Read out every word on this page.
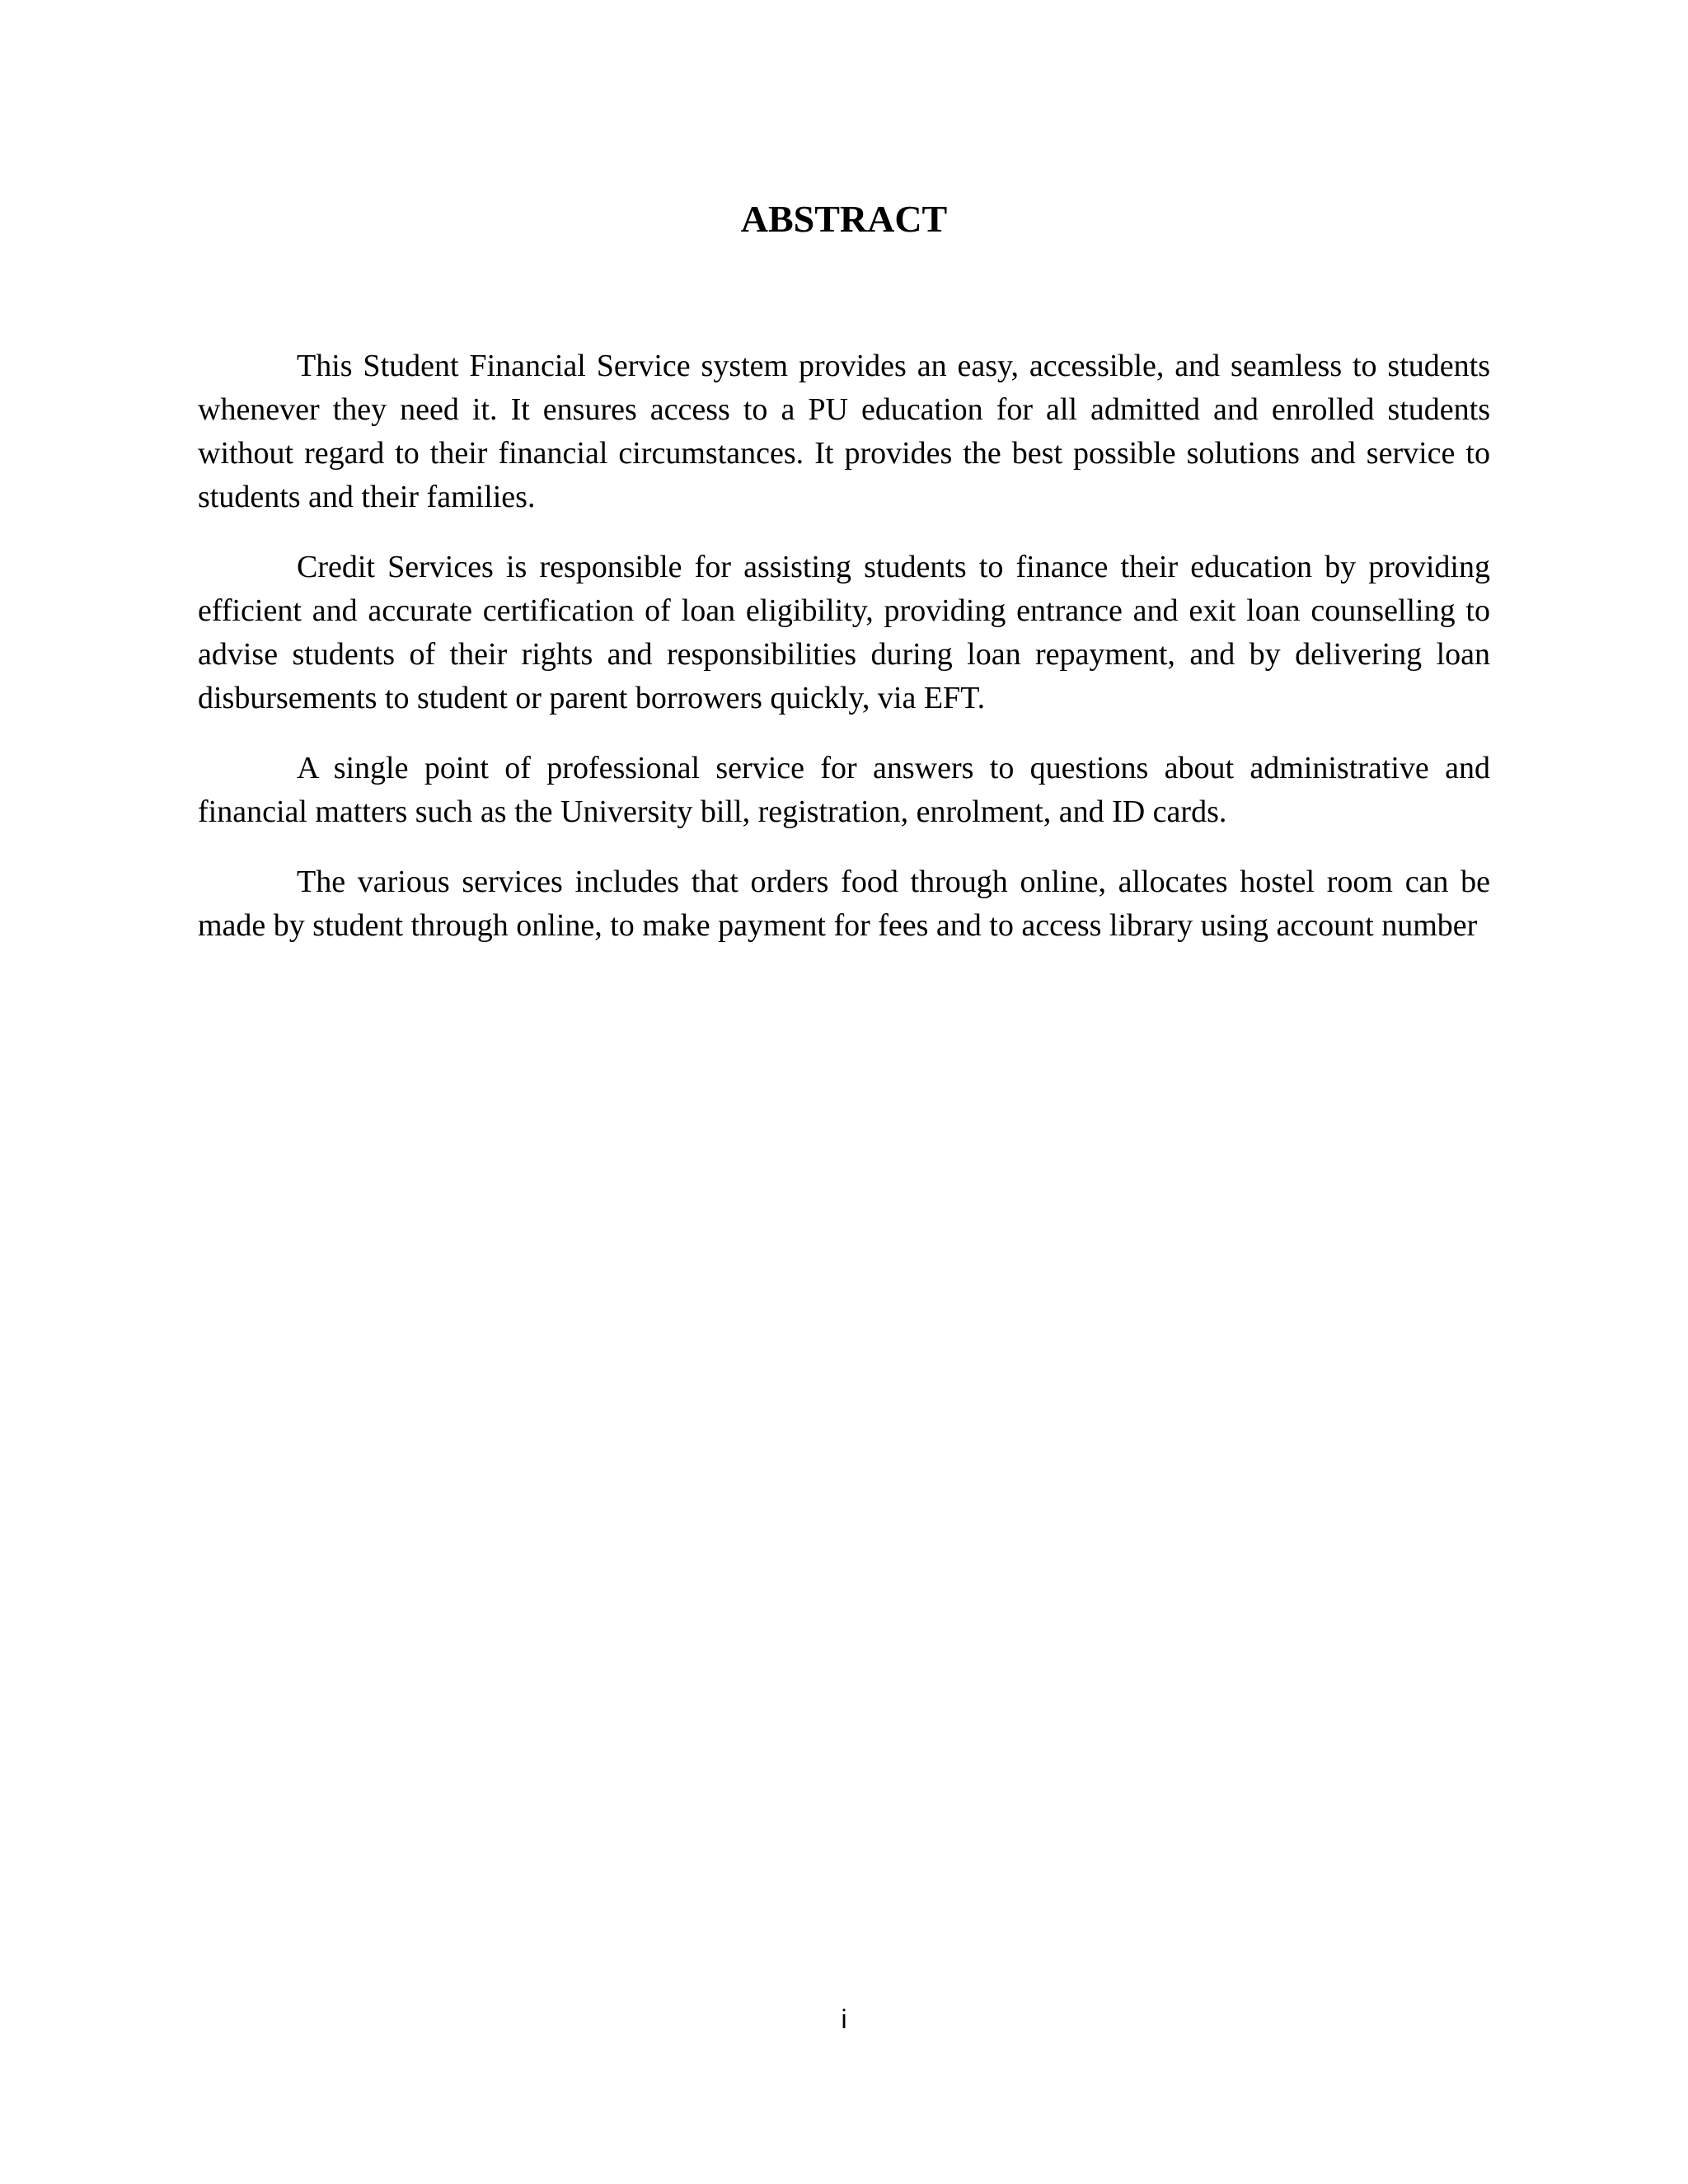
ABSTRACT

This Student Financial Service system provides an easy, accessible, and seamless to students whenever they need it. It ensures access to a PU education for all admitted and enrolled students without regard to their financial circumstances. It provides the best possible solutions and service to students and their families.

Credit Services is responsible for assisting students to finance their education by providing efficient and accurate certification of loan eligibility, providing entrance and exit loan counselling to advise students of their rights and responsibilities during loan repayment, and by delivering loan disbursements to student or parent borrowers quickly, via EFT.

A single point of professional service for answers to questions about administrative and financial matters such as the University bill, registration, enrolment, and ID cards.

The various services includes that orders food through online, allocates hostel room can be made by student through online, to make payment for fees and to access library using account number

i
